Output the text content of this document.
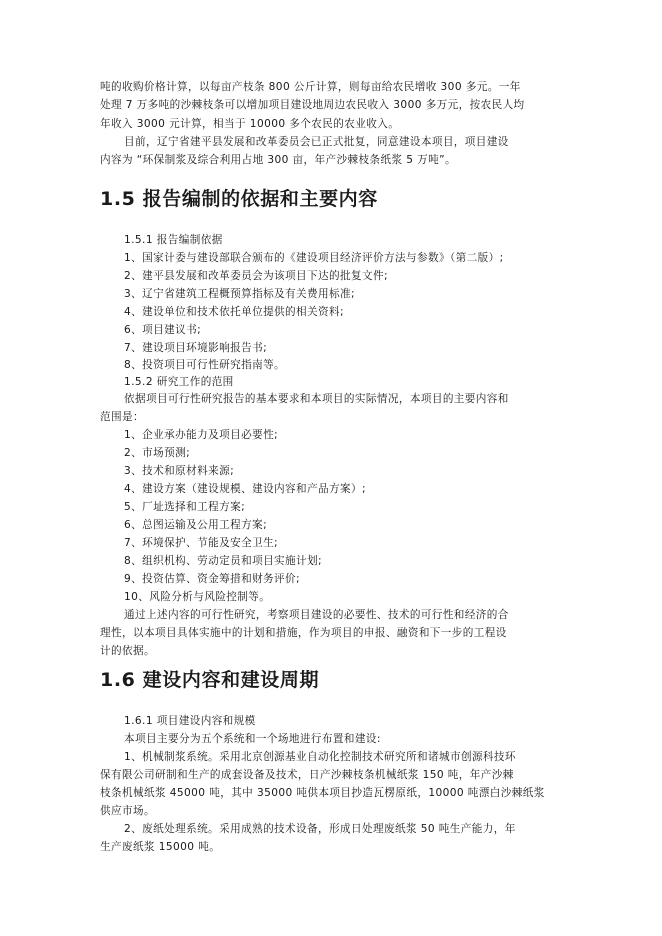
吨的收购价格计算，以每亩产枝条 800 公斤计算，则每亩给农民增收 300 多元。一年
处理 7 万多吨的沙棘枝条可以增加项目建设地周边农民收入 3000 多万元，按农民人均
年收入 3000 元计算，相当于 10000 多个农民的农业收入。
目前，辽宁省建平县发展和改革委员会已正式批复，同意建设本项目，项目建设
内容为 “环保制浆及综合利用占地 300 亩，年产沙棘枝条纸浆 5 万吨”。
1.5 报告编制的依据和主要内容
1.5.1 报告编制依据
1、国家计委与建设部联合颁布的《建设项目经济评价方法与参数》（第二版）;
2、建平县发展和改革委员会为该项目下达的批复文件;
3、辽宁省建筑工程概预算指标及有关费用标准;
4、建设单位和技术依托单位提供的相关资料;
6、项目建议书;
7、建设项目环境影响报告书;
8、投资项目可行性研究指南等。
1.5.2 研究工作的范围
依据项目可行性研究报告的基本要求和本项目的实际情况，本项目的主要内容和
范围是：
1、企业承办能力及项目必要性;
2、市场预测;
3、技术和原材料来源;
4、建设方案（建设规模、建设内容和产品方案）;
5、厂址选择和工程方案;
6、总图运输及公用工程方案;
7、环境保护、节能及安全卫生;
8、组织机构、劳动定员和项目实施计划;
9、投资估算、资金筹措和财务评价;
10、风险分析与风险控制等。
通过上述内容的可行性研究，考察项目建设的必要性、技术的可行性和经济的合
理性，以本项目具体实施中的计划和措施，作为项目的申报、融资和下一步的工程设
计的依据。
1.6 建设内容和建设周期
1.6.1 项目建设内容和规模
本项目主要分为五个系统和一个场地进行布置和建设:
1、机械制浆系统。采用北京创源基业自动化控制技术研究所和诸城市创源科技环
保有限公司研制和生产的成套设备及技术，日产沙棘枝条机械纸浆 150 吨，年产沙棘
枝条机械纸浆 45000 吨，其中 35000 吨供本项目抄造瓦楞原纸，10000 吨漂白沙棘纸浆
供应市场。
2、废纸处理系统。采用成熟的技术设备，形成日处理废纸浆 50 吨生产能力，年
生产废纸浆 15000 吨。
